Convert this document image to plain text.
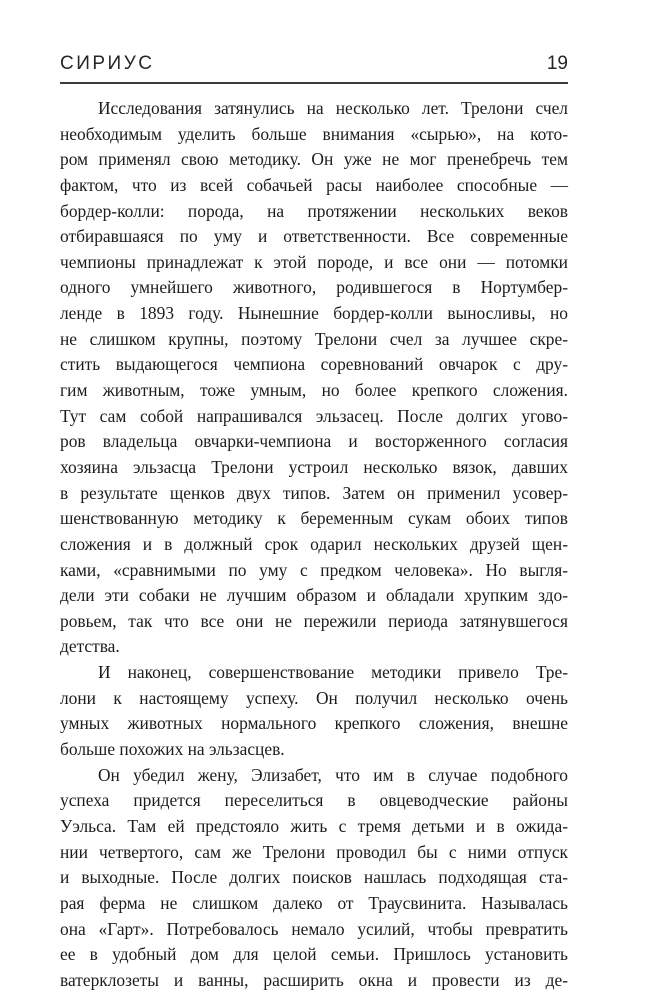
СИРИУС	19
Исследования затянулись на несколько лет. Трелони счел
необходимым уделить больше внимания «сырью», на кото-
ром применял свою методику. Он уже не мог пренебречь тем
фактом, что из всей собачьей расы наиболее способные —
бордер-колли: порода, на протяжении нескольких веков
отбиравшаяся по уму и ответственности. Все современные
чемпионы принадлежат к этой породе, и все они — потомки
одного умнейшего животного, родившегося в Нортумбер-
ленде в 1893 году. Нынешние бордер-колли выносливы, но
не слишком крупны, поэтому Трелони счел за лучшее скре-
стить выдающегося чемпиона соревнований овчарок с дру-
гим животным, тоже умным, но более крепкого сложения.
Тут сам собой напрашивался эльзасец. После долгих угово-
ров владельца овчарки-чемпиона и восторженного согласия
хозяина эльзасца Трелони устроил несколько вязок, давших
в результате щенков двух типов. Затем он применил усовер-
шенствованную методику к беременным сукам обоих типов
сложения и в должный срок одарил нескольких друзей щен-
ками, «сравнимыми по уму с предком человека». Но выгля-
дели эти собаки не лучшим образом и обладали хрупким здо-
ровьем, так что все они не пережили периода затянувшегося
детства.
И наконец, совершенствование методики привело Тре-
лони к настоящему успеху. Он получил несколько очень
умных животных нормального крепкого сложения, внешне
больше похожих на эльзасцев.
Он убедил жену, Элизабет, что им в случае подобного
успеха придется переселиться в овцеводческие районы
Уэльса. Там ей предстояло жить с тремя детьми и в ожида-
нии четвертого, сам же Трелони проводил бы с ними отпуск
и выходные. После долгих поисков нашлась подходящая ста-
рая ферма не слишком далеко от Траусвинита. Называлась
она «Гарт». Потребовалось немало усилий, чтобы превратить
ее в удобный дом для целой семьи. Пришлось установить
ватерклозеты и ванны, расширить окна и провести из де-
